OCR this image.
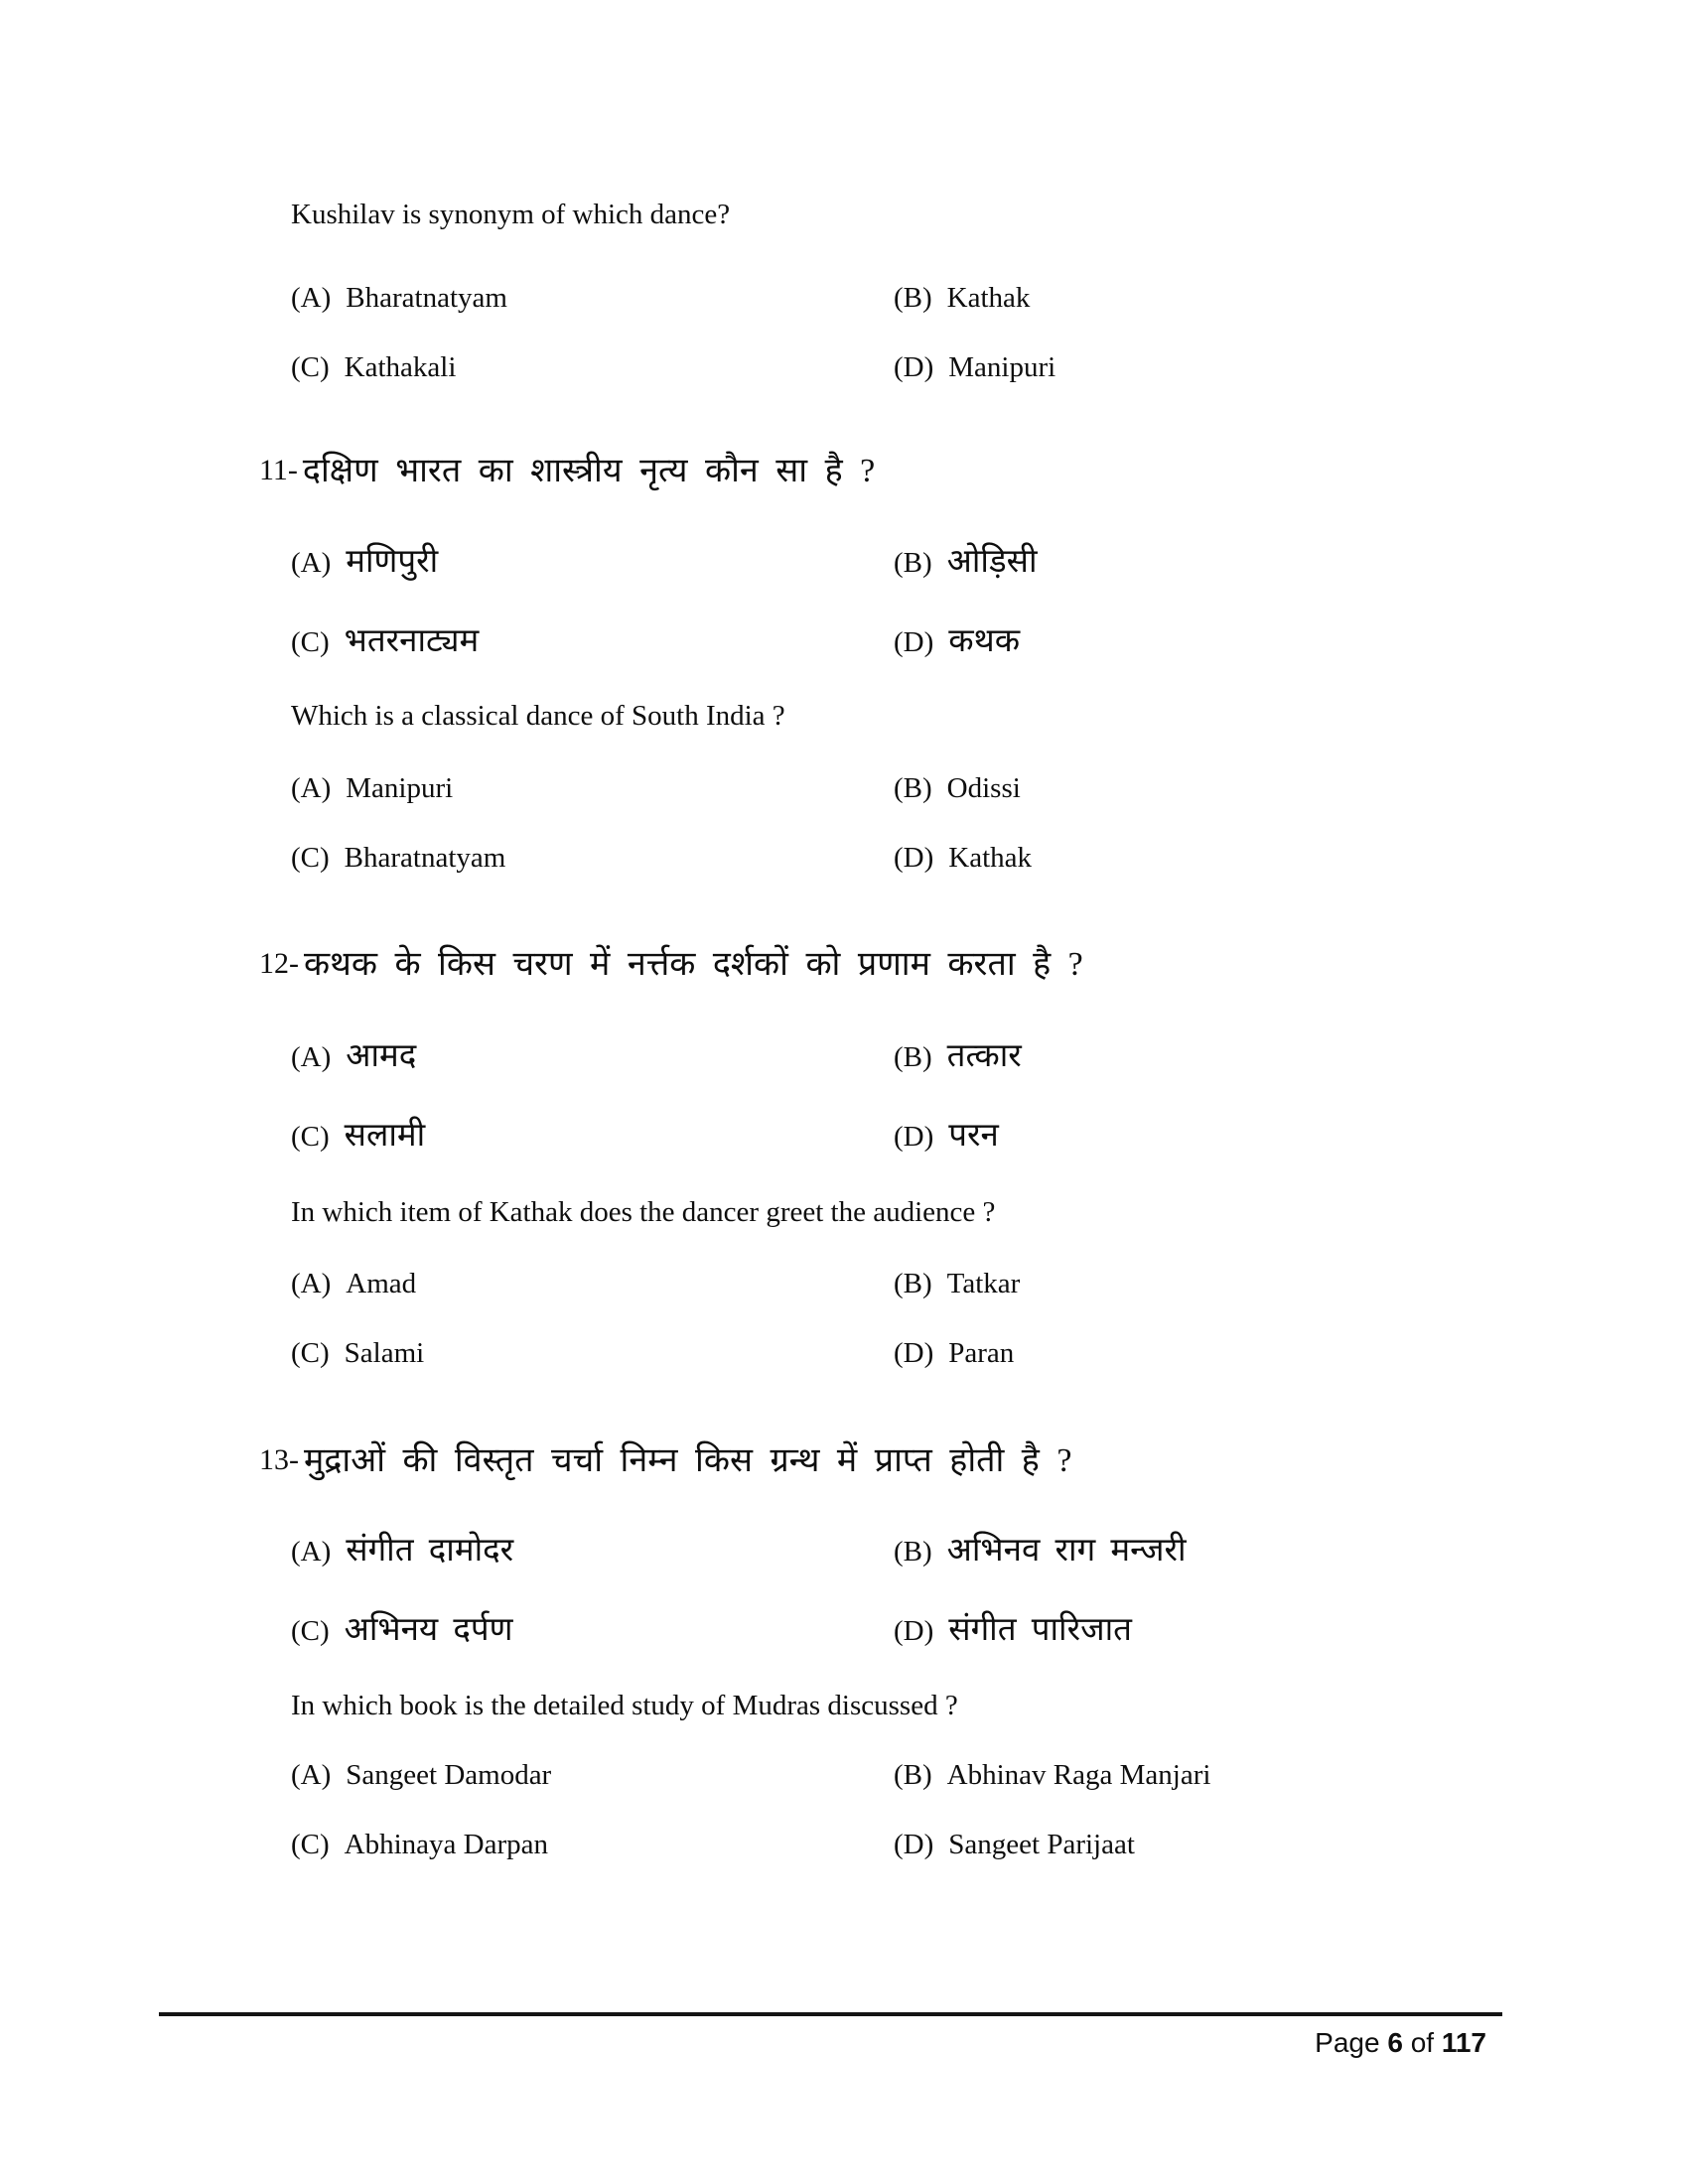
Kushilav is synonym of which dance?
(A) Bharatnatyam	(B) Kathak
(C) Kathakali	(D) Manipuri
11- दक्षिण भारत का शास्त्रीय नृत्य कौन सा है ?
(A) मणिपुरी	(B) ओड़िसी
(C) भतरनाट्यम	(D) कथक
Which is a classical dance of South India ?
(A) Manipuri	(B) Odissi
(C) Bharatnatyam	(D) Kathak
12- कथक के किस चरण में नर्त्तक दर्शकों को प्रणाम करता है ?
(A) आमद	(B) तत्कार
(C) सलामी	(D) परन
In which item of Kathak does the dancer greet the audience ?
(A) Amad	(B) Tatkar
(C) Salami	(D) Paran
13- मुद्राओं की विस्तृत चर्चा निम्न किस ग्रन्थ में प्राप्त होती है ?
(A) संगीत दामोदर	(B) अभिनव राग मन्जरी
(C) अभिनय दर्पण	(D) संगीत पारिजात
In which book is the detailed study of Mudras discussed ?
(A) Sangeet Damodar	(B) Abhinav Raga Manjari
(C) Abhinaya Darpan	(D) Sangeet Parijaat
Page 6 of 117
